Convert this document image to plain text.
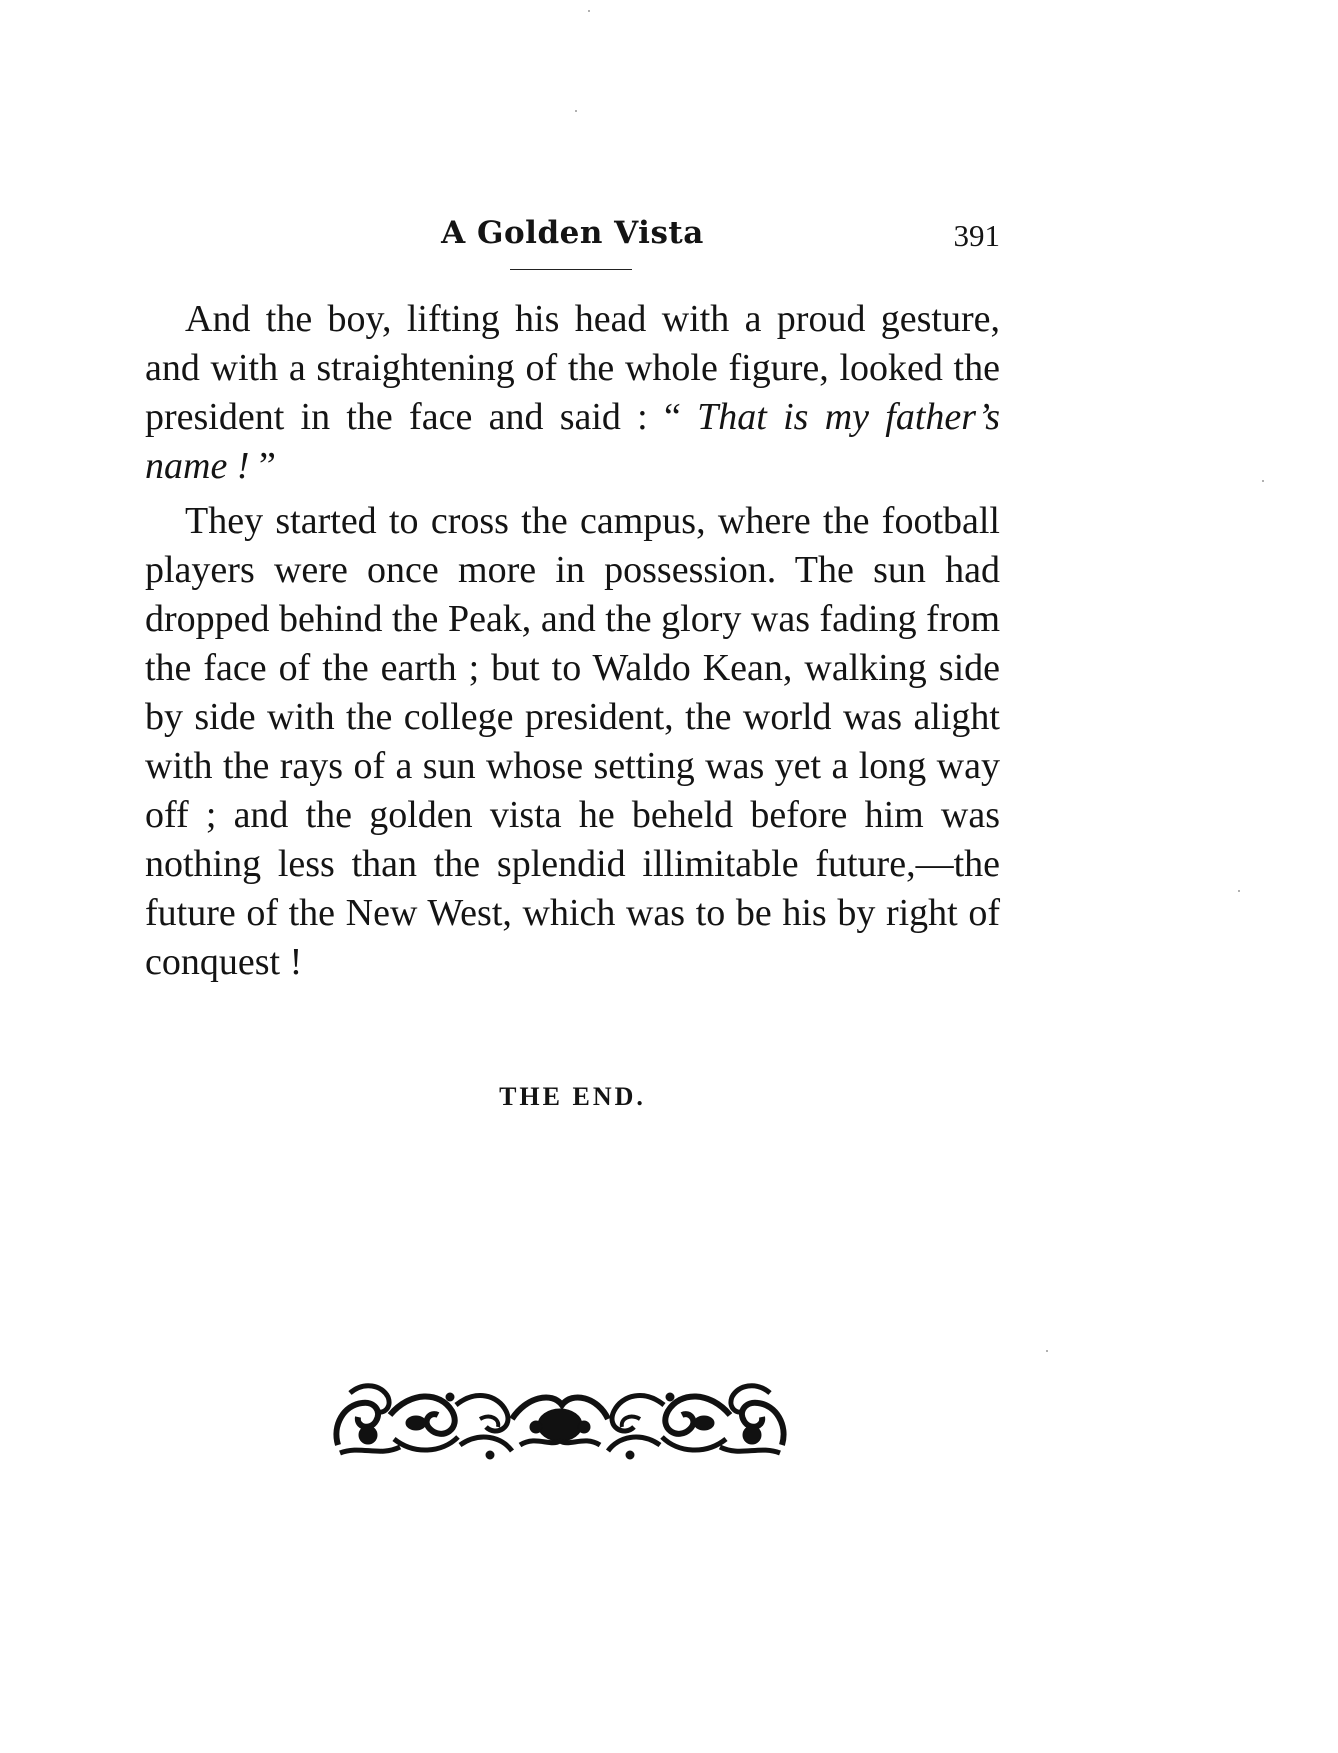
A Golden Vista	391

And the boy, lifting his head with a proud gesture, and with a straightening of the whole figure, looked the president in the face and said : “ That is my father’s name ! ”

They started to cross the campus, where the football players were once more in possession. The sun had dropped behind the Peak, and the glory was fading from the face of the earth ; but to Waldo Kean, walking side by side with the college president, the world was alight with the rays of a sun whose setting was yet a long way off ; and the golden vista he beheld before him was nothing less than the splendid illimitable future,—the future of the New West, which was to be his by right of conquest !

THE END.
